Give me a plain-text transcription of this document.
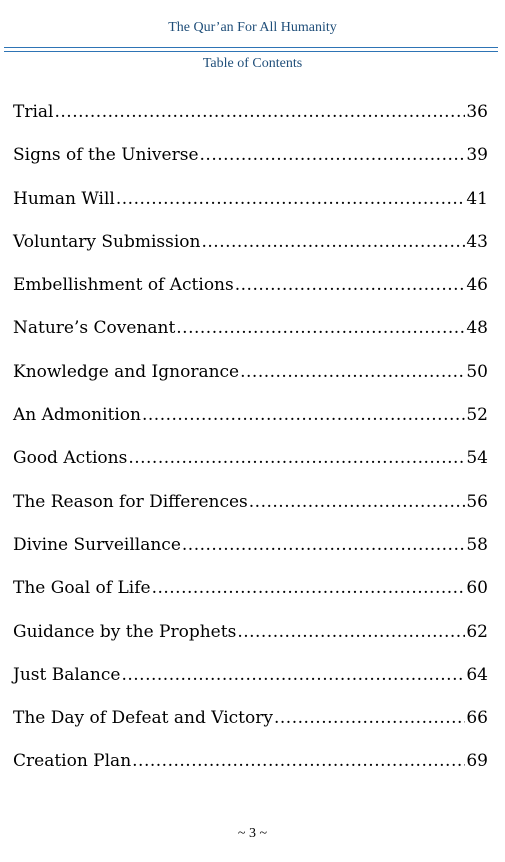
The Qur’an For All Humanity
Table of Contents
Trial .....	36
Signs of the Universe .....	39
Human Will .....	41
Voluntary Submission .....	43
Embellishment of Actions .....	46
Nature’s Covenant .....	48
Knowledge and Ignorance .....	50
An Admonition .....	52
Good Actions .....	54
The Reason for Differences .....	56
Divine Surveillance .....	58
The Goal of Life .....	60
Guidance by the Prophets .....	62
Just Balance .....	64
The Day of Defeat and Victory .....	66
Creation Plan .....	69
~ 3 ~
